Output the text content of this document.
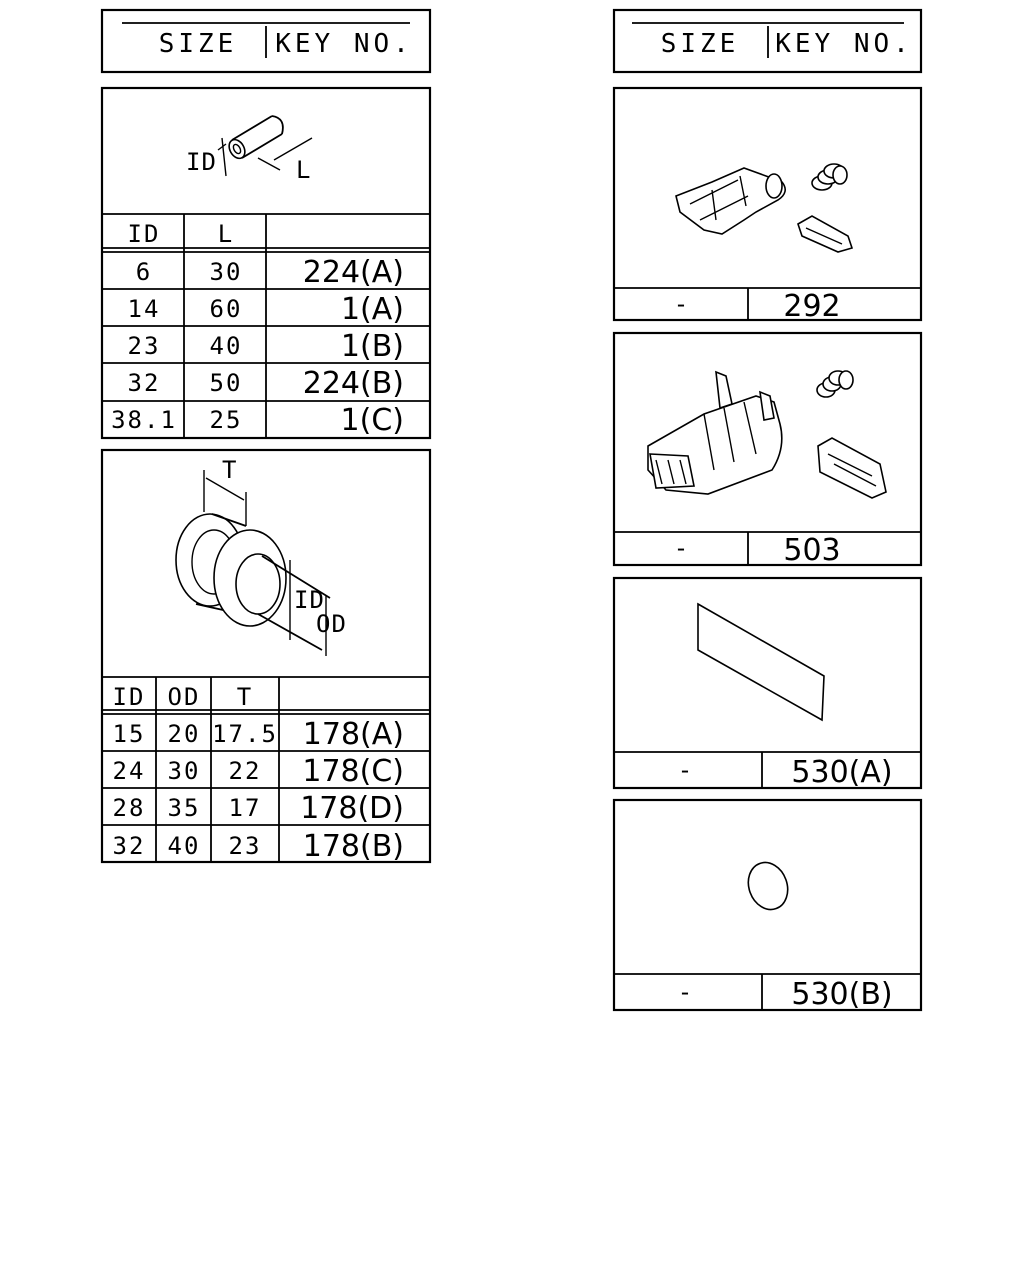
SIZE KEY NO.
ID	L
ID L
6 30 224(A)
14 60	1(A)
23 40	1(B)
32 50 224(B)
38.1 25	1(C)
T
ID
OD
ID OD T
15 20 17.5 178(A)
24 30 22 178(C)
28 35 17 178(D)
32 40 23 178(B)
SIZE KEY NO.
-	292
-	503
-	530(A)
-	530(B)
